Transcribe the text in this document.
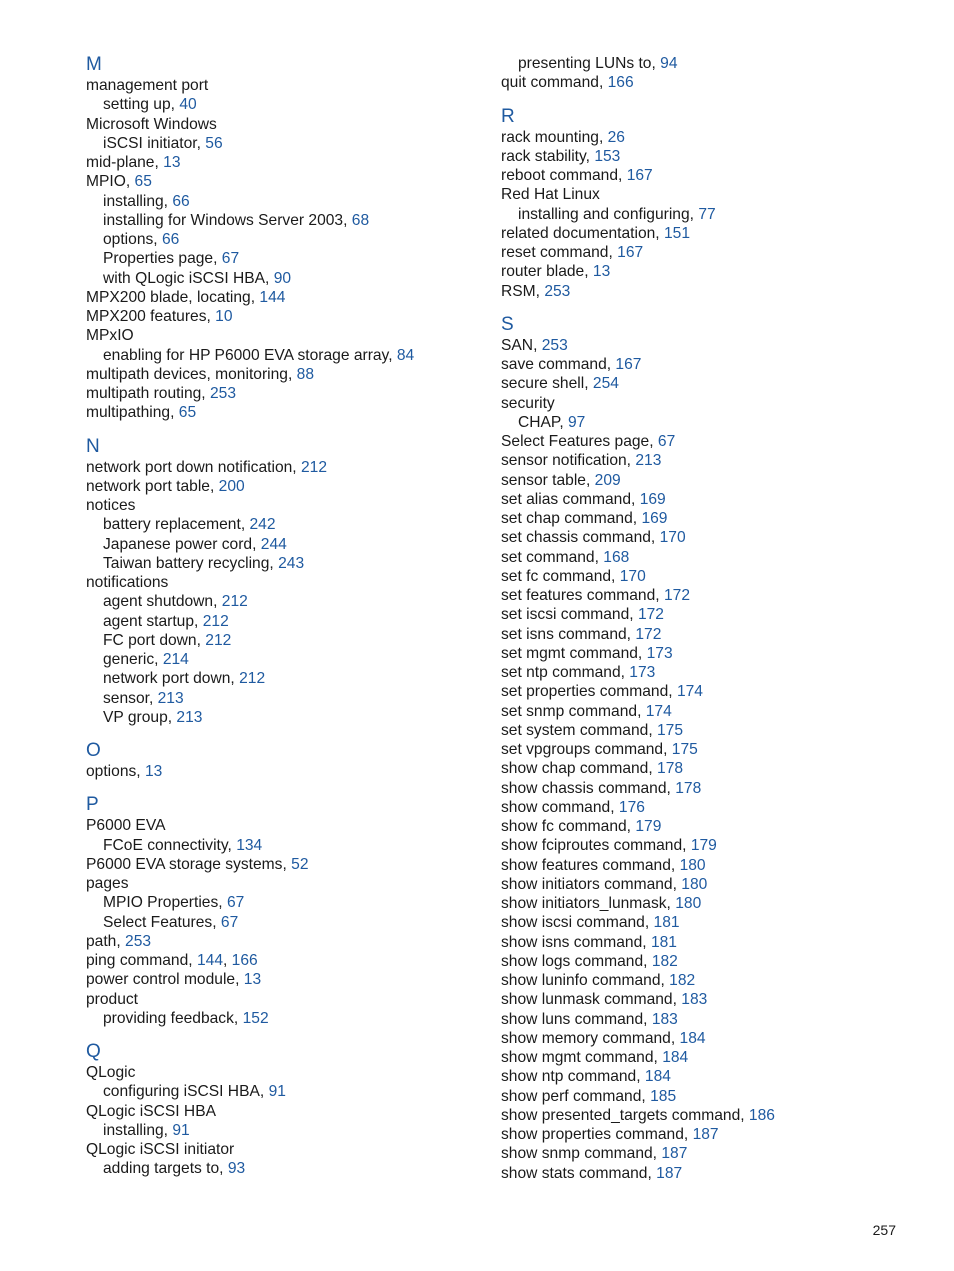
M
management port
setting up, 40
Microsoft Windows
iSCSI initiator, 56
mid-plane, 13
MPIO, 65
installing, 66
installing for Windows Server 2003, 68
options, 66
Properties page, 67
with QLogic iSCSI HBA, 90
MPX200 blade, locating, 144
MPX200 features, 10
MPxIO
enabling for HP P6000 EVA storage array, 84
multipath devices, monitoring, 88
multipath routing, 253
multipathing, 65
N
network port down notification, 212
network port table, 200
notices
battery replacement, 242
Japanese power cord, 244
Taiwan battery recycling, 243
notifications
agent shutdown, 212
agent startup, 212
FC port down, 212
generic, 214
network port down, 212
sensor, 213
VP group, 213
O
options, 13
P
P6000 EVA
FCoE connectivity, 134
P6000 EVA storage systems, 52
pages
MPIO Properties, 67
Select Features, 67
path, 253
ping command, 144, 166
power control module, 13
product
providing feedback, 152
Q
QLogic
configuring iSCSI HBA, 91
QLogic iSCSI HBA
installing, 91
QLogic iSCSI initiator
adding targets to, 93
presenting LUNs to, 94
quit command, 166
R
rack mounting, 26
rack stability, 153
reboot command, 167
Red Hat Linux
installing and configuring, 77
related documentation, 151
reset command, 167
router blade, 13
RSM, 253
S
SAN, 253
save command, 167
secure shell, 254
security
CHAP, 97
Select Features page, 67
sensor notification, 213
sensor table, 209
set alias command, 169
set chap command, 169
set chassis command, 170
set command, 168
set fc command, 170
set features command, 172
set iscsi command, 172
set isns command, 172
set mgmt command, 173
set ntp command, 173
set properties command, 174
set snmp command, 174
set system command, 175
set vpgroups command, 175
show chap command, 178
show chassis command, 178
show command, 176
show fc command, 179
show fciproutes command, 179
show features command, 180
show initiators command, 180
show initiators_lunmask, 180
show iscsi command, 181
show isns command, 181
show logs command, 182
show luninfo command, 182
show lunmask command, 183
show luns command, 183
show memory command, 184
show mgmt command, 184
show ntp command, 184
show perf command, 185
show presented_targets command, 186
show properties command, 187
show snmp command, 187
show stats command, 187
257
